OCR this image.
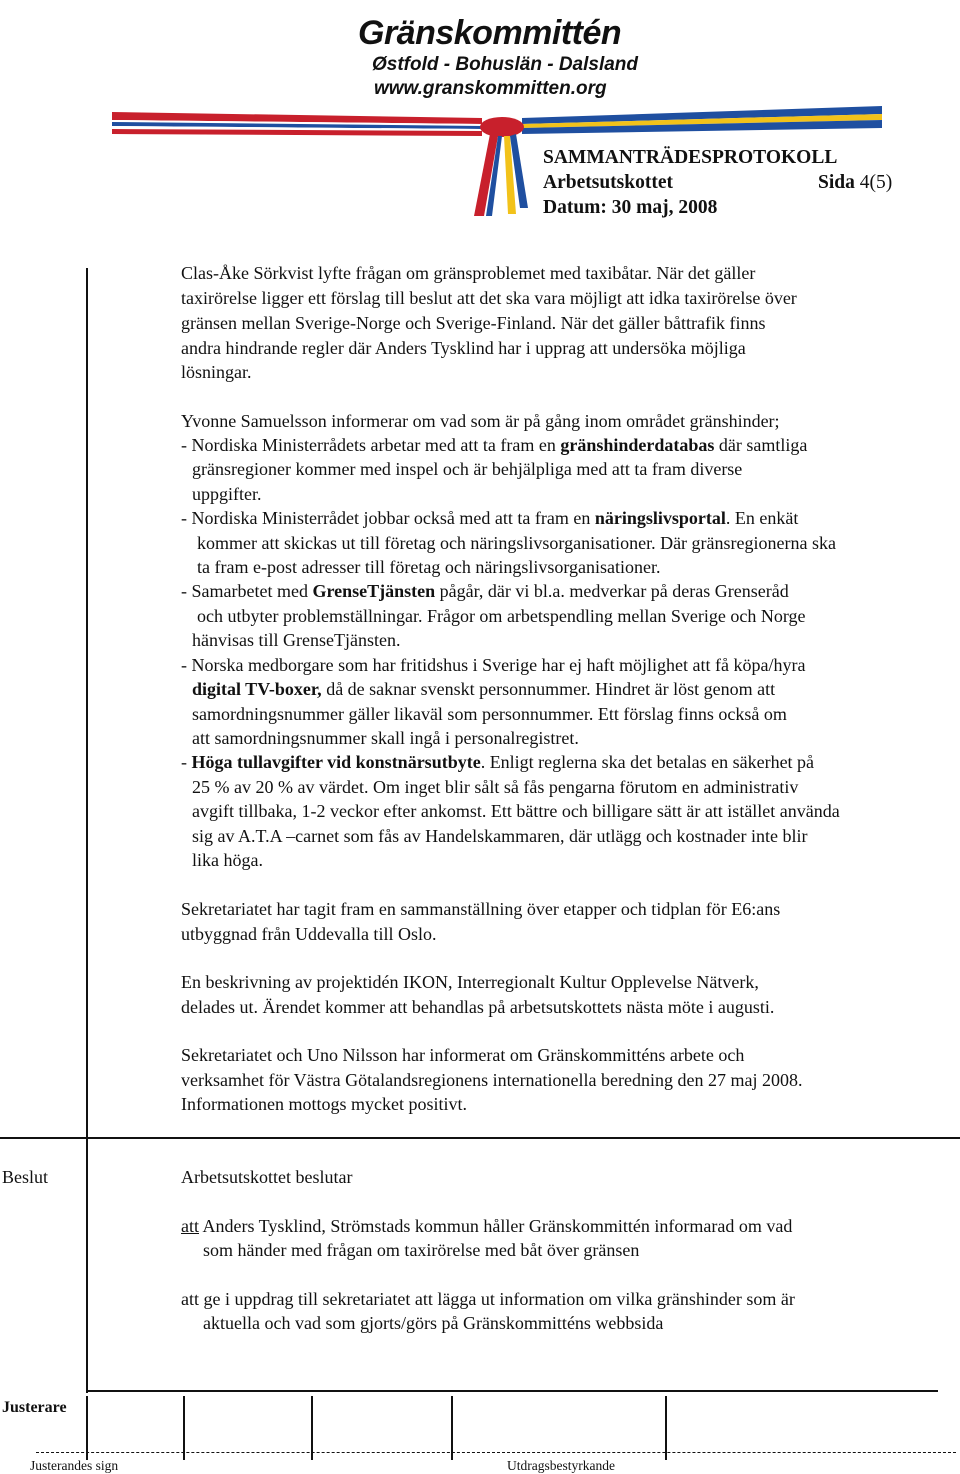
Gränskommittén
Østfold - Bohuslän - Dalsland
www.granskommitten.org
SAMMANTRÄDESPROTOKOLL
Arbetsutskottet	Sida 4(5)
Datum: 30 maj, 2008
Clas-Åke Sörkvist lyfte frågan om gränsproblemet med taxibåtar. När det gäller
taxirörelse ligger ett förslag till beslut att det ska vara möjligt att idka taxirörelse över
gränsen mellan Sverige-Norge och Sverige-Finland. När det gäller båttrafik finns
andra hindrande regler där Anders Tysklind har i upprag att undersöka möjliga
lösningar.
Yvonne Samuelsson informerar om vad som är på gång inom området gränshinder;
- Nordiska Ministerrådets arbetar med att ta fram en gränshinderdatabas där samtliga
gränsregioner kommer med inspel och är behjälpliga med att ta fram diverse
uppgifter.
- Nordiska Ministerrådet jobbar också med att ta fram en näringslivsportal. En enkät
kommer att skickas ut till företag och näringslivsorganisationer. Där gränsregionerna ska
ta fram e-post adresser till företag och näringslivsorganisationer.
- Samarbetet med GrenseTjänsten pågår, där vi bl.a. medverkar på deras Grenseråd
och utbyter problemställningar. Frågor om arbetspendling mellan Sverige och Norge
hänvisas till GrenseTjänsten.
- Norska medborgare som har fritidshus i Sverige har ej haft möjlighet att få köpa/hyra
digital TV-boxer, då de saknar svenskt personnummer. Hindret är löst genom att
samordningsnummer gäller likaväl som personnummer. Ett förslag finns också om
att samordningsnummer skall ingå i personalregistret.
- Höga tullavgifter vid konstnärsutbyte. Enligt reglerna ska det betalas en säkerhet på
25 % av 20 % av värdet. Om inget blir sålt så fås pengarna förutom en administrativ
avgift tillbaka, 1-2 veckor efter ankomst. Ett bättre och billigare sätt är att istället använda
sig av A.T.A –carnet som fås av Handelskammaren, där utlägg och kostnader inte blir
lika höga.
Sekretariatet har tagit fram en sammanställning över etapper och tidplan för E6:ans
utbyggnad från Uddevalla till Oslo.
En beskrivning av projektidén IKON, Interregionalt Kultur Opplevelse Nätverk,
delades ut. Ärendet kommer att behandlas på arbetsutskottets nästa möte i augusti.
Sekretariatet och Uno Nilsson har informerat om Gränskommitténs arbete och
verksamhet för Västra Götalandsregionens internationella beredning den 27 maj 2008.
Informationen mottogs mycket positivt.
Beslut	Arbetsutskottet beslutar
att Anders Tysklind, Strömstads kommun håller Gränskommittén informarad om vad
som händer med frågan om taxirörelse med båt över gränsen
att ge i uppdrag till sekretariatet att lägga ut information om vilka gränshinder som är
aktuella och vad som gjorts/görs på Gränskommitténs webbsida
Justerare
Justerandes sign	Utdragsbestyrkande
